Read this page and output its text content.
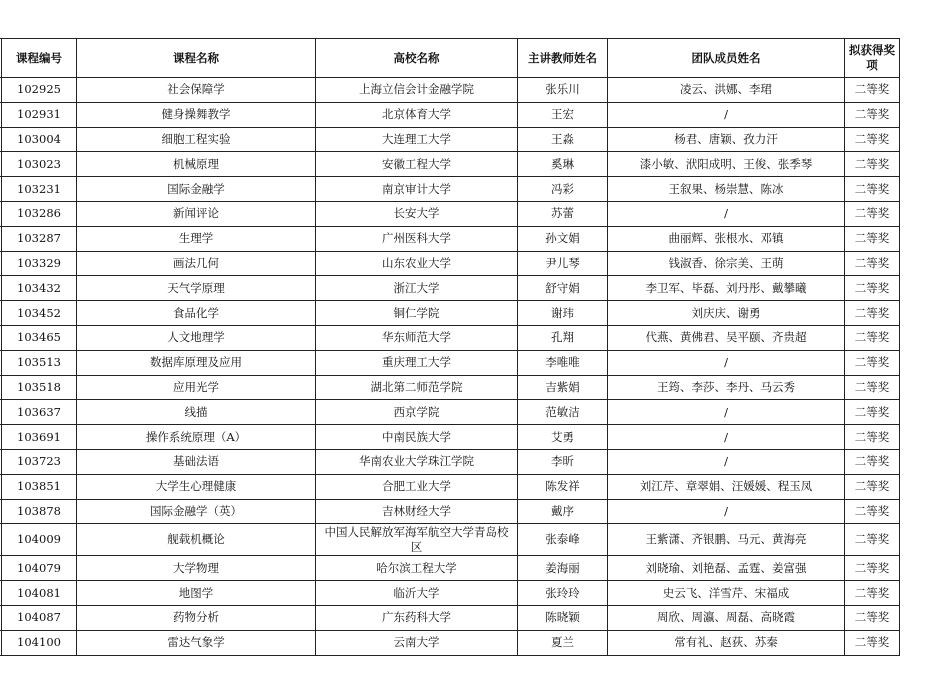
	课程编号	课程名称	高校名称	主讲教师姓名	团队成员姓名	拟获得奖项
	102925	社会保障学	上海立信会计金融学院	张乐川	凌云、洪娜、李珺	二等奖
	102931	健身操舞教学	北京体育大学	王宏	/	二等奖
	103004	细胞工程实验	大连理工大学	王淼	杨君、唐颖、孜力汗	二等奖
	103023	机械原理	安徽工程大学	奚琳	漆小敏、洑阳成明、王俊、张季琴	二等奖
	103231	国际金融学	南京审计大学	冯彩	王叙果、杨崇慧、陈冰	二等奖
	103286	新闻评论	长安大学	苏蕾	/	二等奖
	103287	生理学	广州医科大学	孙文娟	曲丽辉、张根水、邓镇	二等奖
	103329	画法几何	山东农业大学	尹儿琴	钱淑香、徐宗美、王萌	二等奖
	103432	天气学原理	浙江大学	舒守娟	李卫军、毕磊、刘丹彤、戴攀曦	二等奖
	103452	食品化学	铜仁学院	谢玮	刘庆庆、谢勇	二等奖
	103465	人文地理学	华东师范大学	孔翔	代燕、黄佛君、吴平颐、齐贵超	二等奖
	103513	数据库原理及应用	重庆理工大学	李唯唯	/	二等奖
	103518	应用光学	湖北第二师范学院	吉紫娟	王筠、李莎、李丹、马云秀	二等奖
	103637	线描	西京学院	范敏洁	/	二等奖
	103691	操作系统原理（A）	中南民族大学	艾勇	/	二等奖
	103723	基础法语	华南农业大学珠江学院	李昕	/	二等奖
	103851	大学生心理健康	合肥工业大学	陈发祥	刘江芹、章翠娟、汪媛媛、程玉凤	二等奖
	103878	国际金融学（英）	吉林财经大学	戴序	/	二等奖
	104009	舰载机概论	中国人民解放军海军航空大学青岛校区	张泰峰	王紫潇、齐银鹏、马元、黄海亮	二等奖
	104079	大学物理	哈尔滨工程大学	姜海丽	刘晓瑜、刘艳磊、孟霆、姜富强	二等奖
	104081	地图学	临沂大学	张玲玲	史云飞、洋雪芹、宋福成	二等奖
	104087	药物分析	广东药科大学	陈晓颖	周欣、周瀛、周磊、高晓霞	二等奖
	104100	雷达气象学	云南大学	夏兰	常有礼、赵荻、苏秦	二等奖
